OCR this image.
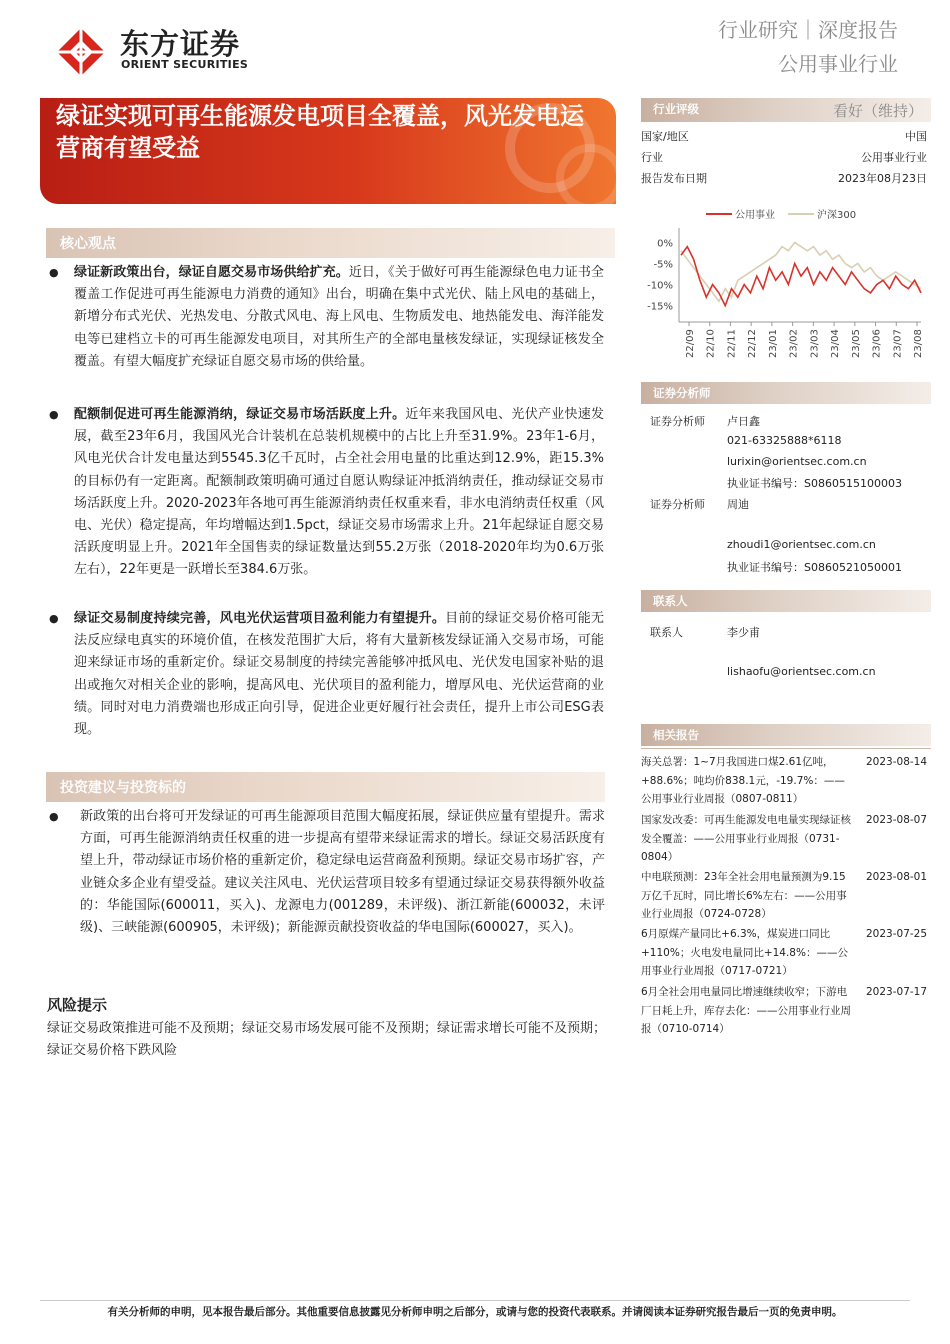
东方证券
ORIENT SECURITIES
行业研究｜深度报告
公用事业行业
绿证实现可再生能源发电项目全覆盖，风光发电运营商有望受益
核心观点
● 绿证新政策出台，绿证自愿交易市场供给扩充。近日，《关于做好可再生能源绿色电力证书全覆盖工作促进可再生能源电力消费的通知》出台，明确在集中式光伏、陆上风电的基础上，新增分布式光伏、光热发电、分散式风电、海上风电、生物质发电、地热能发电、海洋能发电等已建档立卡的可再生能源发电项目，对其所生产的全部电量核发绿证，实现绿证核发全覆盖。有望大幅度扩充绿证自愿交易市场的供给量。
● 配额制促进可再生能源消纳，绿证交易市场活跃度上升。近年来我国风电、光伏产业快速发展，截至23年6月，我国风光合计装机在总装机规模中的占比上升至31.9%。23年1-6月，风电光伏合计发电量达到5545.3亿千瓦时，占全社会用电量的比重达到12.9%，距15.3%的目标仍有一定距离。配额制政策明确可通过自愿认购绿证冲抵消纳责任，推动绿证交易市场活跃度上升。2020-2023年各地可再生能源消纳责任权重来看，非水电消纳责任权重（风电、光伏）稳定提高，年均增幅达到1.5pct，绿证交易市场需求上升。21年起绿证自愿交易活跃度明显上升。2021年全国售卖的绿证数量达到55.2万张（2018-2020年均为0.6万张左右），22年更是一跃增长至384.6万张。
● 绿证交易制度持续完善，风电光伏运营项目盈利能力有望提升。目前的绿证交易价格可能无法反应绿电真实的环境价值，在核发范围扩大后，将有大量新核发绿证涌入交易市场，可能迎来绿证市场的重新定价。绿证交易制度的持续完善能够冲抵风电、光伏发电国家补贴的退出或拖欠对相关企业的影响，提高风电、光伏项目的盈利能力，增厚风电、光伏运营商的业绩。同时对电力消费端也形成正向引导，促进企业更好履行社会责任，提升上市公司ESG表现。
投资建议与投资标的
● 新政策的出台将可开发绿证的可再生能源项目范围大幅度拓展，绿证供应量有望提升。需求方面，可再生能源消纳责任权重的进一步提高有望带来绿证需求的增长。绿证交易活跃度有望上升，带动绿证市场价格的重新定价，稳定绿电运营商盈利预期。绿证交易市场扩容，产业链众多企业有望受益。建议关注风电、光伏运营项目较多有望通过绿证交易获得额外收益的：华能国际(600011，买入)、龙源电力(001289，未评级)、浙江新能(600032，未评级)、三峡能源(600905，未评级)；新能源贡献投资收益的华电国际(600027，买入)。
风险提示
绿证交易政策推进可能不及预期；绿证交易市场发展可能不及预期；绿证需求增长可能不及预期；绿证交易价格下跌风险
行业评级	看好（维持）
国家/地区	中国
行业	公用事业行业
报告发布日期	2023年08月23日
公用事业	沪深300
0%
-5%
-10%
-15%
22/09 22/10 22/11 22/12 23/01 23/02 23/03 23/04 23/05 23/06 23/07 23/08
证券分析师
证券分析师 卢日鑫
021-63325888*6118
lurixin@orientsec.com.cn
执业证书编号：S0860515100003
证券分析师 周迪
zhoudi1@orientsec.com.cn
执业证书编号：S0860521050001
联系人
联系人	李少甫
lishaofu@orientsec.com.cn
相关报告
海关总署：1~7月我国进口煤2.61亿吨，+88.6%；吨均价838.1元，-19.7%：——公用事业行业周报（0807-0811）
2023-08-14
国家发改委：可再生能源发电电量实现绿证核发全覆盖：——公用事业行业周报（0731-0804）
2023-08-07
中电联预测：23年全社会用电量预测为9.15万亿千瓦时，同比增长6%左右：——公用事业行业周报（0724-0728）
2023-08-01
6月原煤产量同比+6.3%，煤炭进口同比+110%；火电发电量同比+14.8%：——公用事业行业周报（0717-0721）
2023-07-25
6月全社会用电量同比增速继续收窄；下游电厂日耗上升，库存去化：——公用事业行业周报（0710-0714）
2023-07-17
有关分析师的申明，见本报告最后部分。其他重要信息披露见分析师申明之后部分，或请与您的投资代表联系。并请阅读本证券研究报告最后一页的免责申明。
